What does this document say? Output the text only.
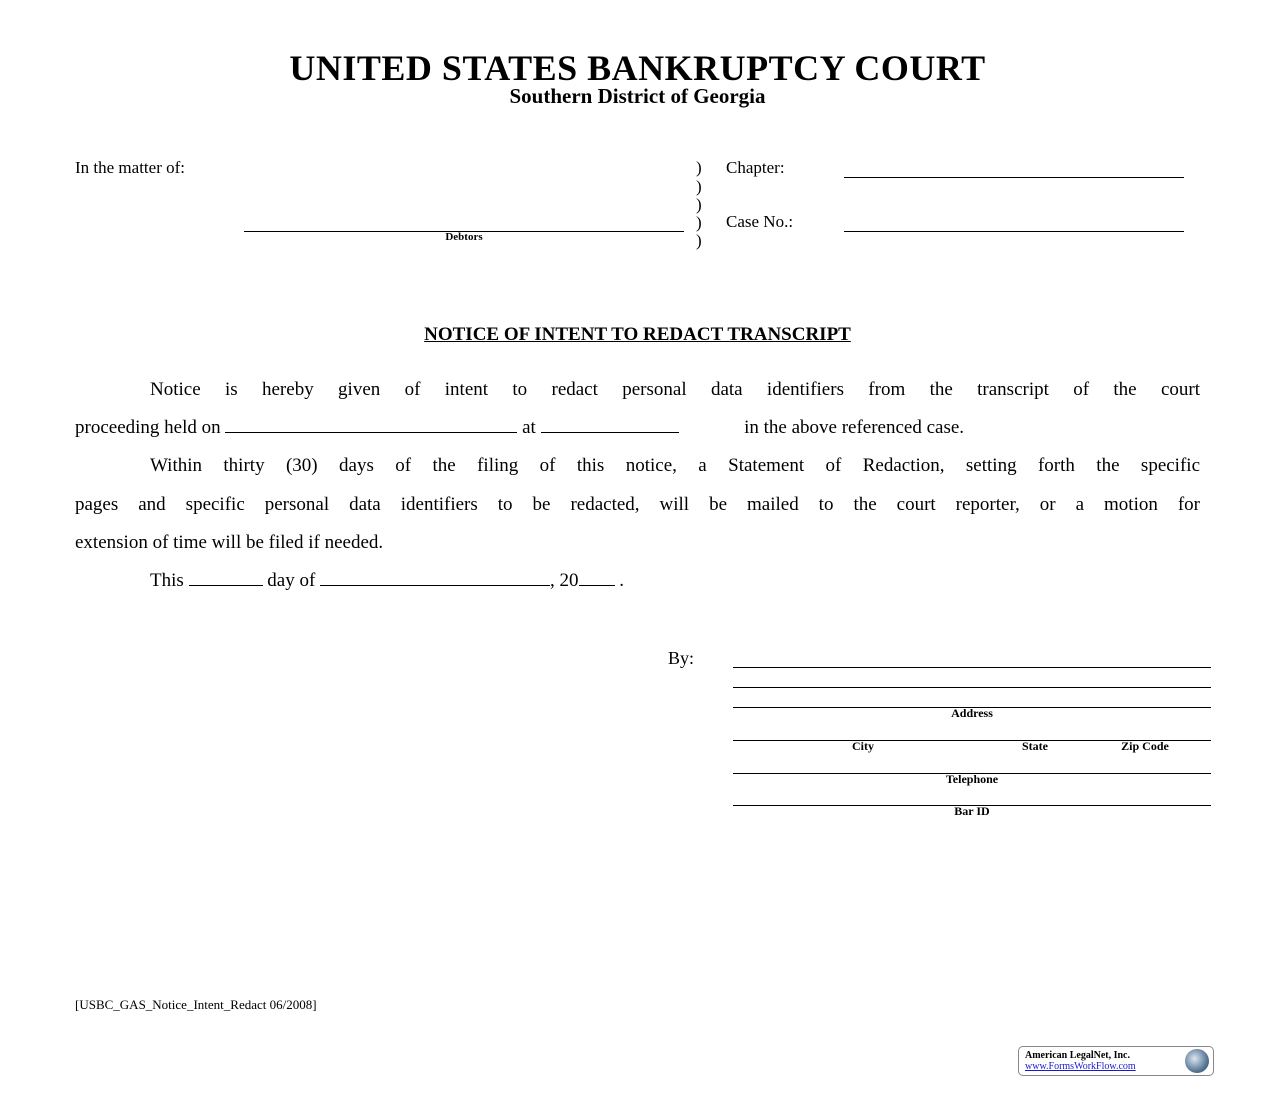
UNITED STATES BANKRUPTCY COURT
Southern District of Georgia
In the matter of:	)
)
)
)
)
Chapter:
Case No.:
Debtors
NOTICE OF INTENT TO REDACT TRANSCRIPT
Notice is hereby given of intent to redact personal data identifiers from the transcript of the court
proceeding held on	at	in the above referenced case.
Within thirty (30) days of the filing of this notice, a Statement of Redaction, setting forth the specific
pages and specific personal data identifiers to be redacted, will be mailed to the court reporter, or a motion for
extension of time will be filed if needed.
This	day of	, 20 .
By:
Address
City	State	Zip Code
Telephone
Bar ID
[USBC_GAS_Notice_Intent_Redact 06/2008]
American LegalNet, Inc.
www.FormsWorkFlow.com
